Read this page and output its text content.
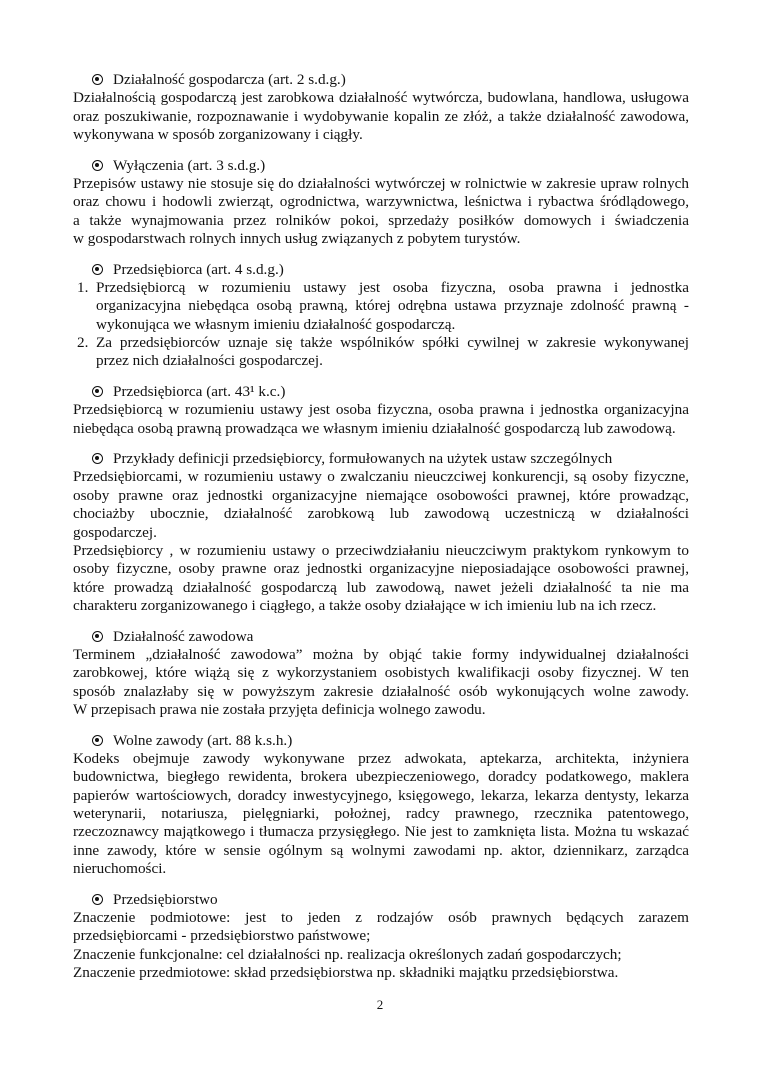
Działalność gospodarcza (art. 2 s.d.g.)
Działalnością gospodarczą jest zarobkowa działalność wytwórcza, budowlana, handlowa, usługowa
oraz poszukiwanie, rozpoznawanie i wydobywanie kopalin ze złóż, a także działalność zawodowa,
wykonywana w sposób zorganizowany i ciągły.
Wyłączenia (art. 3 s.d.g.)
Przepisów ustawy nie stosuje się do działalności wytwórczej w rolnictwie w zakresie upraw rolnych
oraz chowu i hodowli zwierząt, ogrodnictwa, warzywnictwa, leśnictwa i rybactwa śródlądowego,
a także wynajmowania przez rolników pokoi, sprzedaży posiłków domowych i świadczenia
w gospodarstwach rolnych innych usług związanych z pobytem turystów.
Przedsiębiorca (art. 4 s.d.g.)
1. Przedsiębiorcą w rozumieniu ustawy jest osoba fizyczna, osoba prawna i jednostka
organizacyjna niebędąca osobą prawną, której odrębna ustawa przyznaje zdolność prawną -
wykonująca we własnym imieniu działalność gospodarczą.
2. Za przedsiębiorców uznaje się także wspólników spółki cywilnej w zakresie wykonywanej
przez nich działalności gospodarczej.
Przedsiębiorca (art. 43¹ k.c.)
Przedsiębiorcą w rozumieniu ustawy jest osoba fizyczna, osoba prawna i jednostka organizacyjna
niebędąca osobą prawną prowadząca we własnym imieniu działalność gospodarczą lub zawodową.
Przykłady definicji przedsiębiorcy, formułowanych na użytek ustaw szczególnych
Przedsiębiorcami, w rozumieniu ustawy o zwalczaniu nieuczciwej konkurencji, są osoby fizyczne,
osoby prawne oraz jednostki organizacyjne niemające osobowości prawnej, które prowadząc,
chociażby ubocznie, działalność zarobkową lub zawodową uczestniczą w działalności
gospodarczej.
Przedsiębiorcy , w rozumieniu ustawy o przeciwdziałaniu nieuczciwym praktykom rynkowym to
osoby fizyczne, osoby prawne oraz jednostki organizacyjne nieposiadające osobowości prawnej,
które prowadzą działalność gospodarczą lub zawodową, nawet jeżeli działalność ta nie ma
charakteru zorganizowanego i ciągłego, a także osoby działające w ich imieniu lub na ich rzecz.
Działalność zawodowa
Terminem „działalność zawodowa” można by objąć takie formy indywidualnej działalności
zarobkowej, które wiążą się z wykorzystaniem osobistych kwalifikacji osoby fizycznej. W ten
sposób znalazłaby się w powyższym zakresie działalność osób wykonujących wolne zawody.
W przepisach prawa nie została przyjęta definicja wolnego zawodu.
Wolne zawody (art. 88 k.s.h.)
Kodeks obejmuje zawody wykonywane przez adwokata, aptekarza, architekta, inżyniera
budownictwa, biegłego rewidenta, brokera ubezpieczeniowego, doradcy podatkowego, maklera
papierów wartościowych, doradcy inwestycyjnego, księgowego, lekarza, lekarza dentysty, lekarza
weterynarii, notariusza, pielęgniarki, położnej, radcy prawnego, rzecznika patentowego,
rzeczoznawcy majątkowego i tłumacza przysięgłego. Nie jest to zamknięta lista. Można tu wskazać
inne zawody, które w sensie ogólnym są wolnymi zawodami np. aktor, dziennikarz, zarządca
nieruchomości.
Przedsiębiorstwo
Znaczenie podmiotowe: jest to jeden z rodzajów osób prawnych będących zarazem
przedsiębiorcami - przedsiębiorstwo państwowe;
Znaczenie funkcjonalne: cel działalności np. realizacja określonych zadań gospodarczych;
Znaczenie przedmiotowe: skład przedsiębiorstwa np. składniki majątku przedsiębiorstwa.
2
